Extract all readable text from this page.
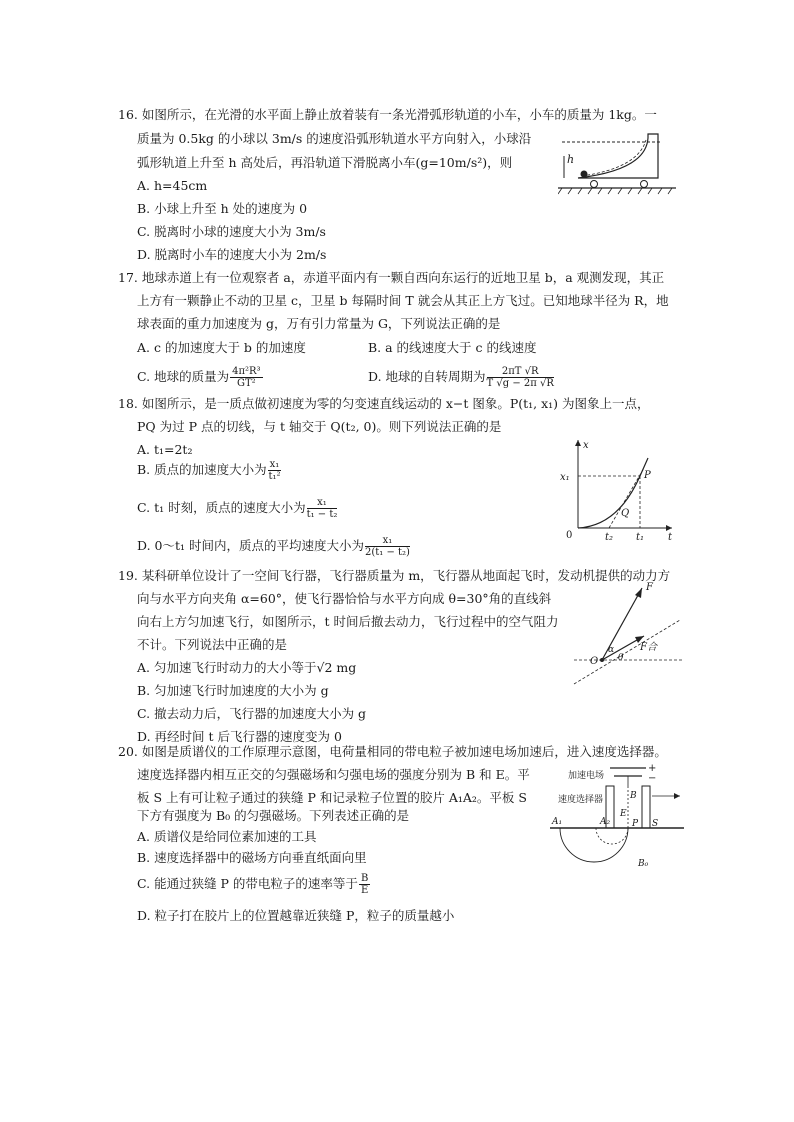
16. 如图所示，在光滑的水平面上静止放着装有一条光滑弧形轨道的小车，小车的质量为 1kg。一
质量为 0.5kg 的小球以 3m/s 的速度沿弧形轨道水平方向射入，小球沿
弧形轨道上升至 h 高处后，再沿轨道下滑脱离小车(g=10m/s²)，则
A. h=45cm
B. 小球上升至 h 处的速度为 0
C. 脱离时小球的速度大小为 3m/s
D. 脱离时小车的速度大小为 2m/s
h
17. 地球赤道上有一位观察者 a，赤道平面内有一颗自西向东运行的近地卫星 b，a 观测发现，其正
上方有一颗静止不动的卫星 c，卫星 b 每隔时间 T 就会从其正上方飞过。已知地球半径为 R，地
球表面的重力加速度为 g，万有引力常量为 G，下列说法正确的是
A. c 的加速度大于 b 的加速度	B. a 的线速度大于 c 的线速度
C. 地球的质量为 $\frac{\text{4π²R³}}{\text{GT²}}$	D. 地球的自转周期为 $\frac{2\pi T √R}{T √g - 2\pi √R}$
18. 如图所示，是一质点做初速度为零的匀变速直线运动的 x−t 图象。P(t₁, x₁) 为图象上一点，
PQ 为过 P 点的切线，与 t 轴交于 Q(t₂, 0)。则下列说法正确的是
A. t₁=2t₂
B. 质点的加速度大小为 $\frac{\text{x₁}}{\text{t₁²}}$
C. t₁ 时刻，质点的速度大小为 $\frac{\text{x₁}}{\text{t₁ − t₂}}$
D. 0～t₁ 时间内，质点的平均速度大小为 $\frac{\text{x₁}}{\text{2(t₁ − t₂)}}$
x
t
0
x₁	P
Q
t₂ t₁
19. 某科研单位设计了一空间飞行器，飞行器质量为 m，飞行器从地面起飞时，发动机提供的动力方
向与水平方向夹角 α=60°，使飞行器恰恰与水平方向成 θ=30°角的直线斜
向右上方匀加速飞行，如图所示，t 时间后撤去动力，飞行过程中的空气阻力
不计。下列说法中正确的是
A. 匀加速飞行时动力的大小等于√2 mg
B. 匀加速飞行时加速度的大小为 g
C. 撤去动力后，飞行器的加速度大小为 g
D. 再经时间 t 后飞行器的速度变为 0
O
F
F合
α
θ
20. 如图是质谱仪的工作原理示意图，电荷量相同的带电粒子被加速电场加速后，进入速度选择器。
速度选择器内相互正交的匀强磁场和匀强电场的强度分别为 B 和 E。平
板 S 上有可让粒子通过的狭缝 P 和记录粒子位置的胶片 A₁A₂。平板 S
下方有强度为 B₀ 的匀强磁场。下列表述正确的是
A. 质谱仪是给同位素加速的工具
B. 速度选择器中的磁场方向垂直纸面向里
C. 能通过狭缝 P 的带电粒子的速率等于 $\frac{B}{E}$
D. 粒子打在胶片上的位置越靠近狭缝 P，粒子的质量越小
加速电场
速度选择器
+
−
B
E
A₁	A₂ P S
B₀
